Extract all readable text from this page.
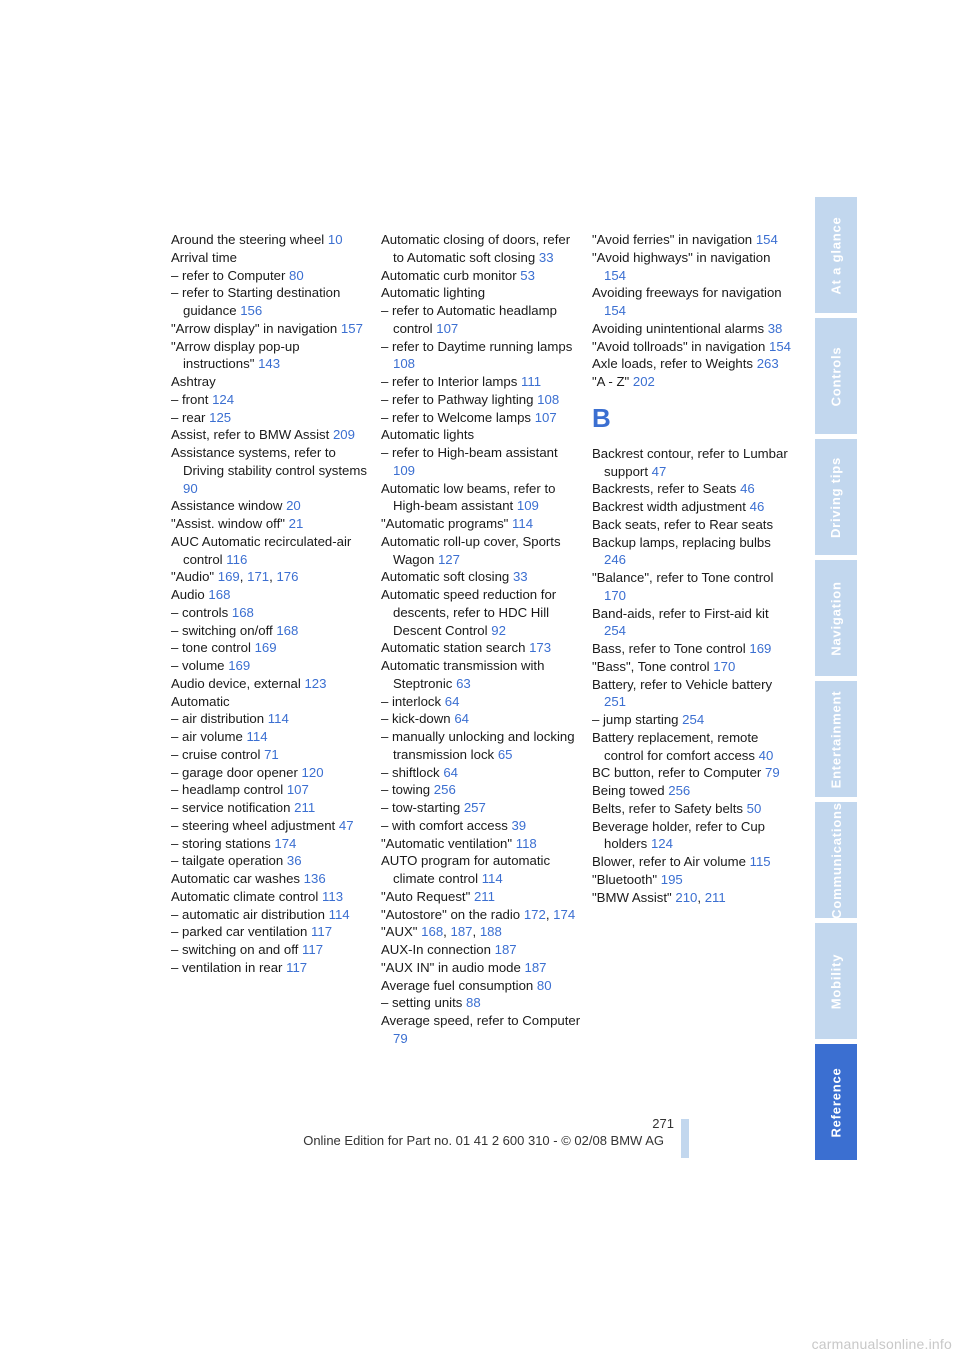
Around the steering wheel 10
Arrival time
– refer to Computer 80
– refer to Starting destination guidance 156
"Arrow display" in navigation 157
"Arrow display pop-up instructions" 143
Ashtray
– front 124
– rear 125
Assist, refer to BMW Assist 209
Assistance systems, refer to Driving stability control systems 90
Assistance window 20
"Assist. window off" 21
AUC Automatic recirculated-air control 116
"Audio" 169, 171, 176
Audio 168
– controls 168
– switching on/off 168
– tone control 169
– volume 169
Audio device, external 123
Automatic
– air distribution 114
– air volume 114
– cruise control 71
– garage door opener 120
– headlamp control 107
– service notification 211
– steering wheel adjustment 47
– storing stations 174
– tailgate operation 36
Automatic car washes 136
Automatic climate control 113
– automatic air distribution 114
– parked car ventilation 117
– switching on and off 117
– ventilation in rear 117
Automatic closing of doors, refer to Automatic soft closing 33
Automatic curb monitor 53
Automatic lighting
– refer to Automatic headlamp control 107
– refer to Daytime running lamps 108
– refer to Interior lamps 111
– refer to Pathway lighting 108
– refer to Welcome lamps 107
Automatic lights
– refer to High-beam assistant 109
Automatic low beams, refer to High-beam assistant 109
"Automatic programs" 114
Automatic roll-up cover, Sports Wagon 127
Automatic soft closing 33
Automatic speed reduction for descents, refer to HDC Hill Descent Control 92
Automatic station search 173
Automatic transmission with Steptronic 63
– interlock 64
– kick-down 64
– manually unlocking and locking transmission lock 65
– shiftlock 64
– towing 256
– tow-starting 257
– with comfort access 39
"Automatic ventilation" 118
AUTO program for automatic climate control 114
"Auto Request" 211
"Autostore" on the radio 172, 174
"AUX" 168, 187, 188
AUX-In connection 187
"AUX IN" in audio mode 187
Average fuel consumption 80
– setting units 88
Average speed, refer to Computer 79
"Avoid ferries" in navigation 154
"Avoid highways" in navigation 154
Avoiding freeways for navigation 154
Avoiding unintentional alarms 38
"Avoid tollroads" in navigation 154
Axle loads, refer to Weights 263
"A - Z" 202
B
Backrest contour, refer to Lumbar support 47
Backrests, refer to Seats 46
Backrest width adjustment 46
Back seats, refer to Rear seats
Backup lamps, replacing bulbs 246
"Balance", refer to Tone control 170
Band-aids, refer to First-aid kit 254
Bass, refer to Tone control 169
"Bass", Tone control 170
Battery, refer to Vehicle battery 251
– jump starting 254
Battery replacement, remote control for comfort access 40
BC button, refer to Computer 79
Being towed 256
Belts, refer to Safety belts 50
Beverage holder, refer to Cup holders 124
Blower, refer to Air volume 115
"Bluetooth" 195
"BMW Assist" 210, 211
At a glance
Controls
Driving tips
Navigation
Entertainment
Communications
Mobility
Reference
271
Online Edition for Part no. 01 41 2 600 310 - © 02/08 BMW AG
carmanualsonline.info
